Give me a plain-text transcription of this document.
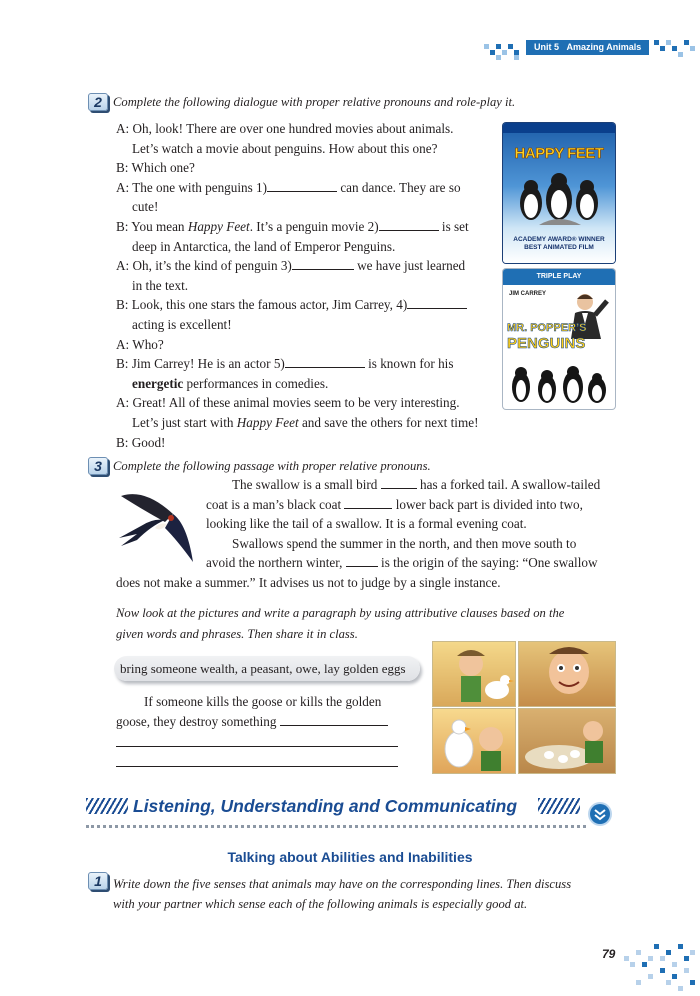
Unit 5 Amazing Animals
2 Complete the following dialogue with proper relative pronouns and role-play it.
A: Oh, look! There are over one hundred movies about animals.
Let’s watch a movie about penguins. How about this one?
B: Which one?
A: The one with penguins 1)	can dance. They are so
cute!
B: You mean Happy Feet. It’s a penguin movie 2)	is set
deep in Antarctica, the land of Emperor Penguins.
A: Oh, it’s the kind of penguin 3)	we have just learned
in the text.
B: Look, this one stars the famous actor, Jim Carrey, 4)
acting is excellent!
A: Who?
B: Jim Carrey! He is an actor 5)	is known for his
energetic performances in comedies.
A: Great! All of these animal movies seem to be very interesting.
Let’s just start with Happy Feet and save the others for next time!
B: Good!
HAPPY FEET
ACADEMY AWARD® WINNER
BEST ANIMATED FILM
TRIPLE PLAY
JIM CARREY
MR. POPPER’S
PENGUINS
3 Complete the following passage with proper relative pronouns.
The swallow is a small bird	has a forked tail. A swallow-tailed
coat is a man’s black coat	lower back part is divided into two,
looking like the tail of a swallow. It is a formal evening coat.
Swallows spend the summer in the north, and then move south to
avoid the northern winter,	is the origin of the saying: “One swallow
does not make a summer.” It advises us not to judge by a single instance.
Now look at the pictures and write a paragraph by using attributive clauses based on the
given words and phrases. Then share it in class.
bring someone wealth, a peasant, owe, lay golden eggs
If someone kills the goose or kills the golden
goose, they destroy something
Listening, Understanding and Communicating
Talking about Abilities and Inabilities
1 Write down the five senses that animals may have on the corresponding lines. Then discuss
with your partner which sense each of the following animals is especially good at.
79
